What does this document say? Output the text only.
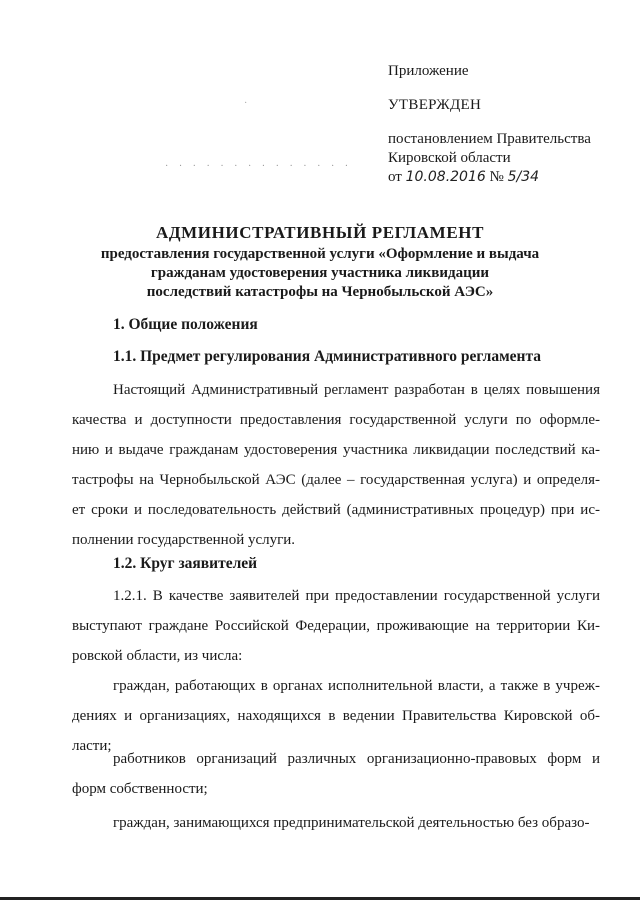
·
· · · · · · · · · · · · · ·
Приложение
УТВЕРЖДЕН
постановлением Правительства
Кировской области
от 10.08.2016 № 5/34
АДМИНИСТРАТИВНЫЙ РЕГЛАМЕНТ
предоставления государственной услуги «Оформление и выдача
гражданам удостоверения участника ликвидации
последствий катастрофы на Чернобыльской АЭС»
1. Общие положения
1.1. Предмет регулирования Административного регламента
Настоящий Административный регламент разработан в целях повышения
качества и доступности предоставления государственной услуги по оформле-
нию и выдаче гражданам удостоверения участника ликвидации последствий ка-
тастрофы на Чернобыльской АЭС (далее – государственная услуга) и определя-
ет сроки и последовательность действий (административных процедур) при ис-
полнении государственной услуги.
1.2. Круг заявителей
1.2.1. В качестве заявителей при предоставлении государственной услуги
выступают граждане Российской Федерации, проживающие на территории Ки-
ровской области, из числа:
граждан, работающих в органах исполнительной власти, а также в учреж-
дениях и организациях, находящихся в ведении Правительства Кировской об-
ласти;
работников организаций различных организационно-правовых форм и
форм собственности;
граждан, занимающихся предпринимательской деятельностью без образо-
